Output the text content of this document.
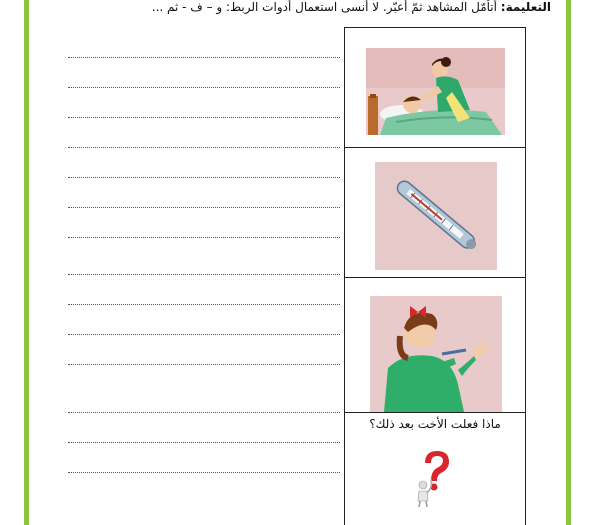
التعليمة: أتأمّل المشاهد ثمّ أعبّر. لا أنسى استعمال أدوات الربط: و – ف - ثم ...
ماذا فعلت الأخت بعد ذلك؟
